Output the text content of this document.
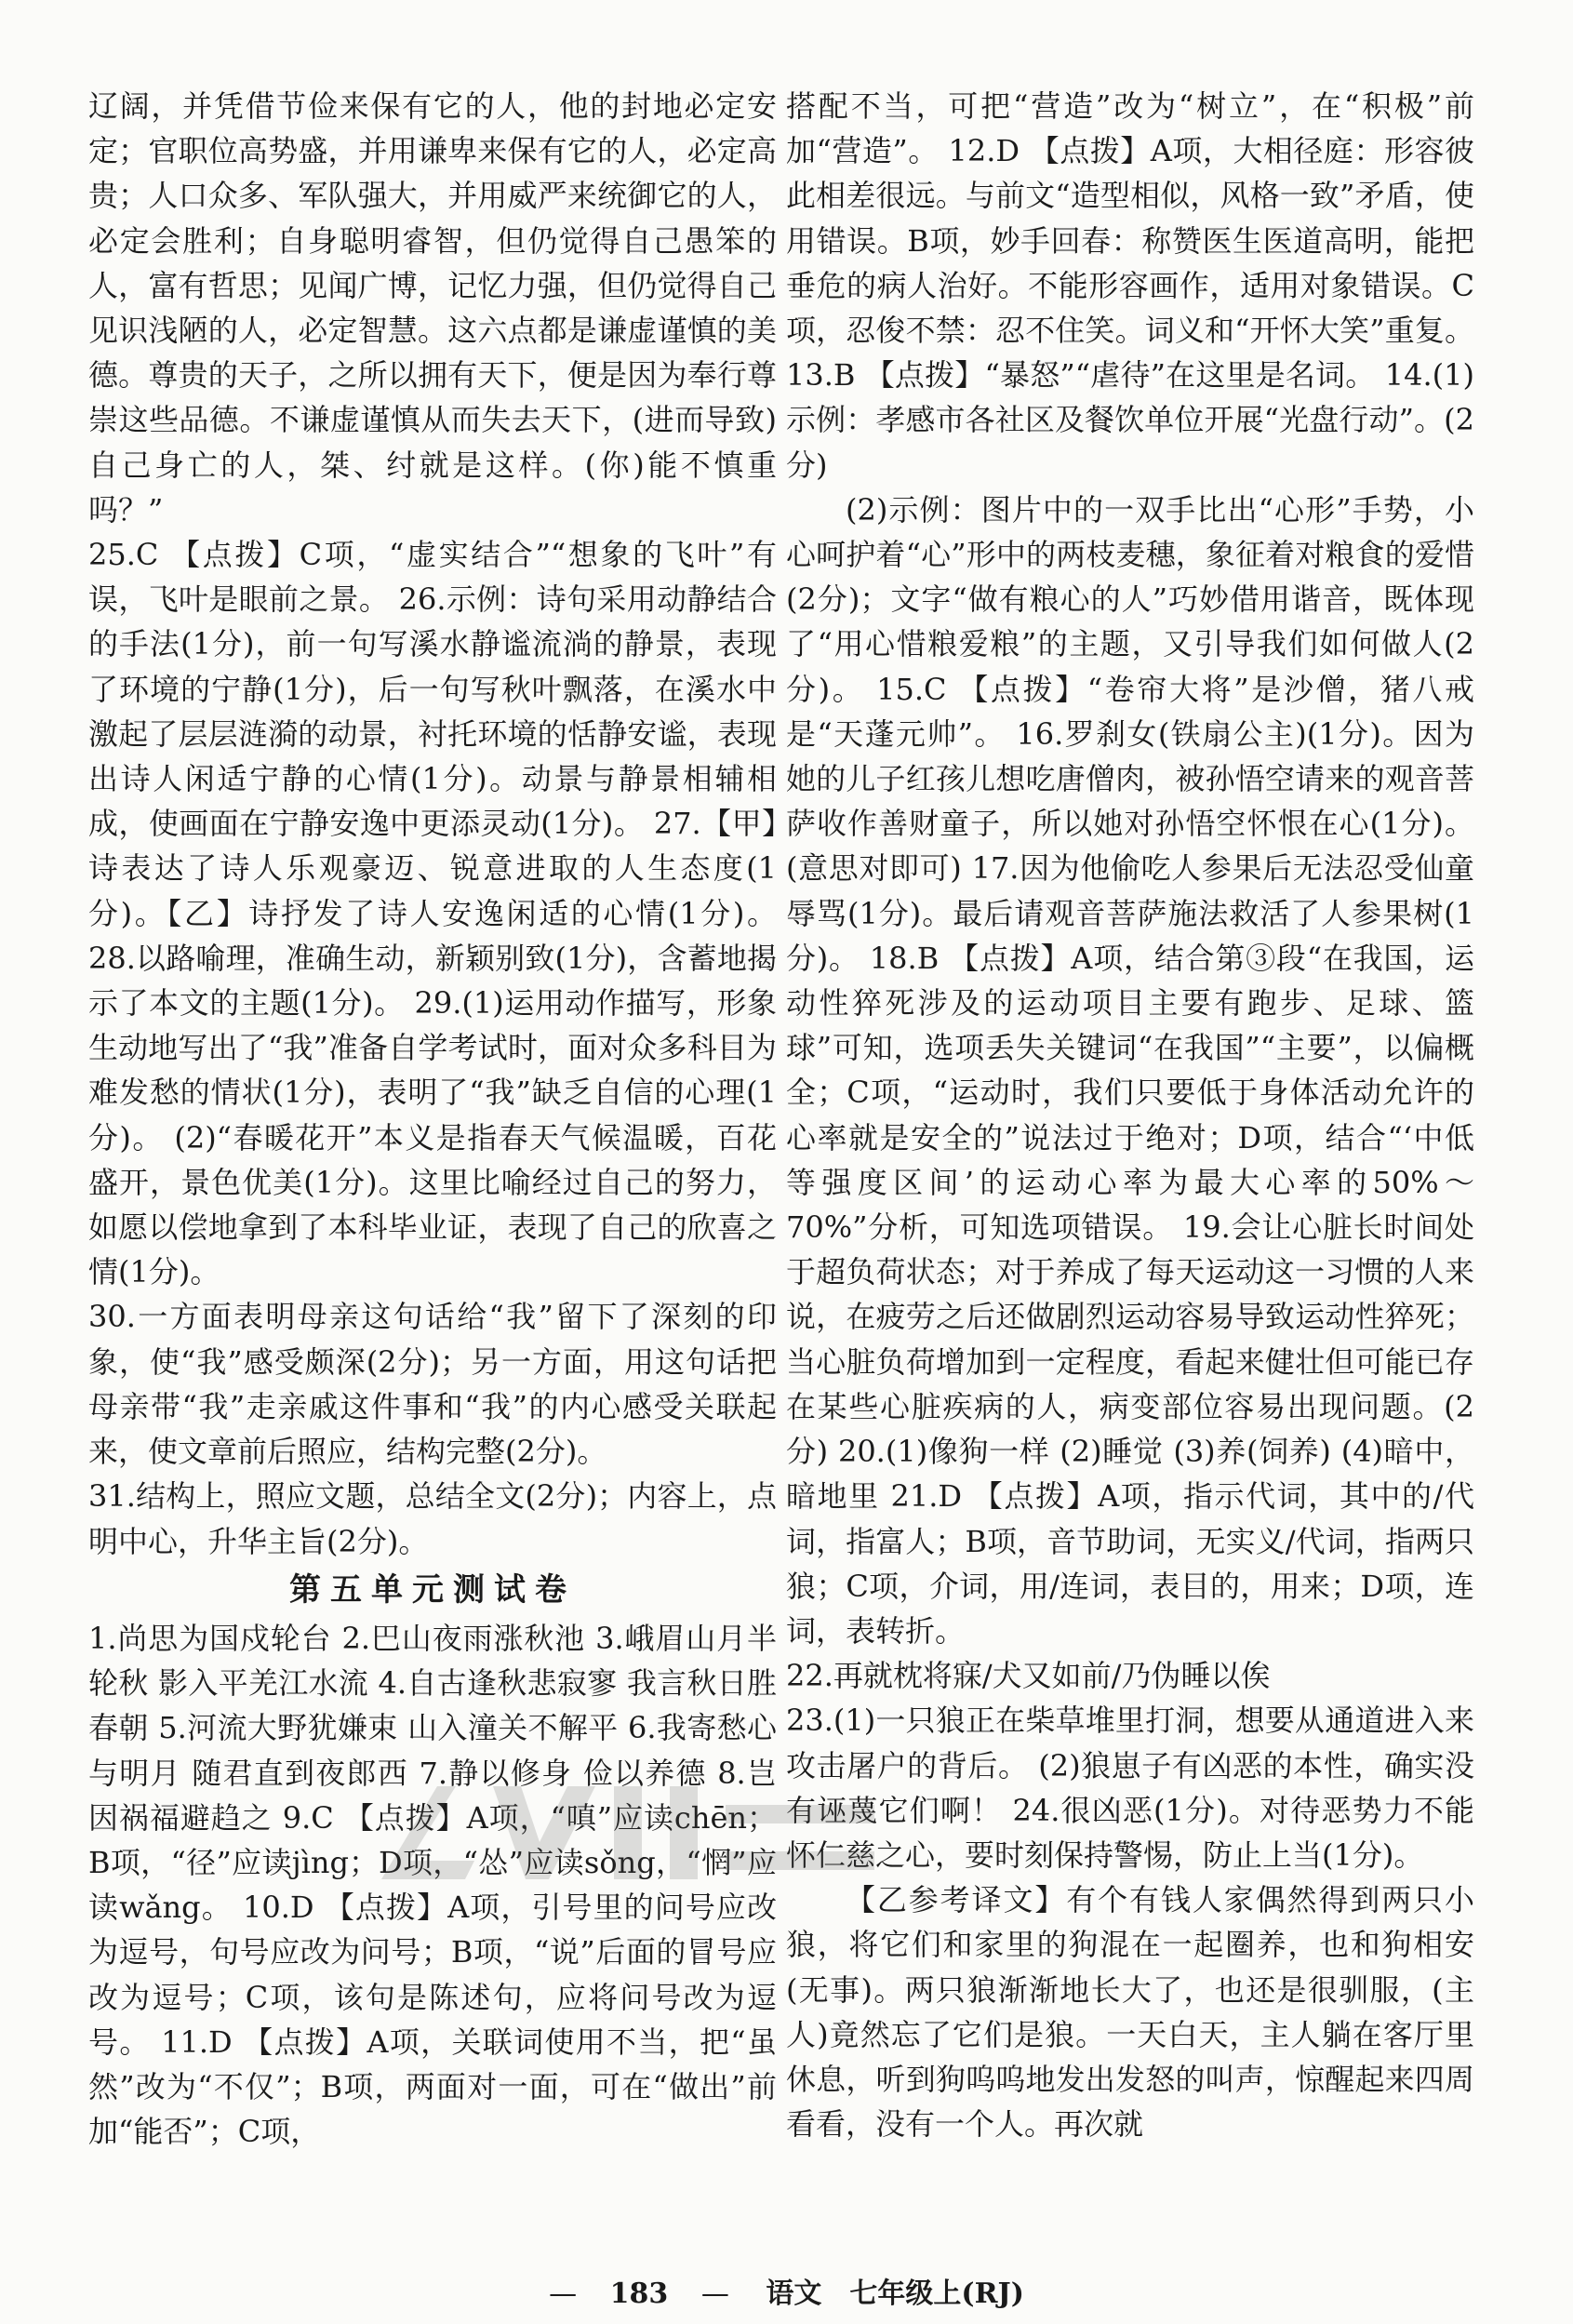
辽阔，并凭借节俭来保有它的人，他的封地必定安定；官职位高势盛，并用谦卑来保有它的人，必定高贵；人口众多、军队强大，并用威严来统御它的人，必定会胜利；自身聪明睿智，但仍觉得自己愚笨的人，富有哲思；见闻广博，记忆力强，但仍觉得自己见识浅陋的人，必定智慧。这六点都是谦虚谨慎的美德。尊贵的天子，之所以拥有天下，便是因为奉行尊崇这些品德。不谦虚谨慎从而失去天下，(进而导致)自己身亡的人，桀、纣就是这样。(你)能不慎重吗？”

25.C 【点拨】C项，“虚实结合”“想象的飞叶”有误，飞叶是眼前之景。 26.示例：诗句采用动静结合的手法(1分)，前一句写溪水静谧流淌的静景，表现了环境的宁静(1分)，后一句写秋叶飘落，在溪水中激起了层层涟漪的动景，衬托环境的恬静安谧，表现出诗人闲适宁静的心情(1分)。动景与静景相辅相成，使画面在宁静安逸中更添灵动(1分)。 27.【甲】诗表达了诗人乐观豪迈、锐意进取的人生态度(1分)。【乙】诗抒发了诗人安逸闲适的心情(1分)。 28.以路喻理，准确生动，新颖别致(1分)，含蓄地揭示了本文的主题(1分)。 29.(1)运用动作描写，形象生动地写出了“我”准备自学考试时，面对众多科目为难发愁的情状(1分)，表明了“我”缺乏自信的心理(1分)。 (2)“春暖花开”本义是指春天气候温暖，百花盛开，景色优美(1分)。这里比喻经过自己的努力，如愿以偿地拿到了本科毕业证，表现了自己的欣喜之情(1分)。

30.一方面表明母亲这句话给“我”留下了深刻的印象，使“我”感受颇深(2分)；另一方面，用这句话把母亲带“我”走亲戚这件事和“我”的内心感受关联起来，使文章前后照应，结构完整(2分)。

31.结构上，照应文题，总结全文(2分)；内容上，点明中心，升华主旨(2分)。

第五单元测试卷

1.尚思为国戍轮台 2.巴山夜雨涨秋池 3.峨眉山月半轮秋 影入平羌江水流 4.自古逢秋悲寂寥 我言秋日胜春朝 5.河流大野犹嫌束 山入潼关不解平 6.我寄愁心与明月 随君直到夜郎西 7.静以修身 俭以养德 8.岂因祸福避趋之 9.C 【点拨】A项，“嗔”应读chēn；B项，“径”应读jìng；D项，“怂”应读sǒng，“惘”应读wǎng。 10.D 【点拨】A项，引号里的问号应改为逗号，句号应改为问号；B项，“说”后面的冒号应改为逗号；C项，该句是陈述句，应将问号改为逗号。 11.D 【点拨】A项，关联词使用不当，把“虽然”改为“不仅”；B项，两面对一面，可在“做出”前加“能否”；C项，

搭配不当，可把“营造”改为“树立”，在“积极”前加“营造”。 12.D 【点拨】A项，大相径庭：形容彼此相差很远。与前文“造型相似，风格一致”矛盾，使用错误。B项，妙手回春：称赞医生医道高明，能把垂危的病人治好。不能形容画作，适用对象错误。C项，忍俊不禁：忍不住笑。词义和“开怀大笑”重复。 13.B 【点拨】“暴怒”“虐待”在这里是名词。 14.(1)示例：孝感市各社区及餐饮单位开展“光盘行动”。(2分)

(2)示例：图片中的一双手比出“心形”手势，小心呵护着“心”形中的两枝麦穗，象征着对粮食的爱惜(2分)；文字“做有粮心的人”巧妙借用谐音，既体现了“用心惜粮爱粮”的主题，又引导我们如何做人(2分)。 15.C 【点拨】“卷帘大将”是沙僧，猪八戒是“天蓬元帅”。 16.罗刹女(铁扇公主)(1分)。因为她的儿子红孩儿想吃唐僧肉，被孙悟空请来的观音菩萨收作善财童子，所以她对孙悟空怀恨在心(1分)。(意思对即可) 17.因为他偷吃人参果后无法忍受仙童辱骂(1分)。最后请观音菩萨施法救活了人参果树(1分)。 18.B 【点拨】A项，结合第③段“在我国，运动性猝死涉及的运动项目主要有跑步、足球、篮球”可知，选项丢失关键词“在我国”“主要”，以偏概全；C项，“运动时，我们只要低于身体活动允许的心率就是安全的”说法过于绝对；D项，结合“‘中低等强度区间’的运动心率为最大心率的50%～70%”分析，可知选项错误。 19.会让心脏长时间处于超负荷状态；对于养成了每天运动这一习惯的人来说，在疲劳之后还做剧烈运动容易导致运动性猝死；当心脏负荷增加到一定程度，看起来健壮但可能已存在某些心脏疾病的人，病变部位容易出现问题。(2分) 20.(1)像狗一样 (2)睡觉 (3)养(饲养) (4)暗中，暗地里 21.D 【点拨】A项，指示代词，其中的/代词，指富人；B项，音节助词，无实义/代词，指两只狼；C项，介词，用/连词，表目的，用来；D项，连词，表转折。

22.再就枕将寐/犬又如前/乃伪睡以俟

23.(1)一只狼正在柴草堆里打洞，想要从通道进入来攻击屠户的背后。 (2)狼崽子有凶恶的本性，确实没有诬蔑它们啊！ 24.很凶恶(1分)。对待恶势力不能怀仁慈之心，要时刻保持警惕，防止上当(1分)。

【乙参考译文】有个有钱人家偶然得到两只小狼，将它们和家里的狗混在一起圈养，也和狗相安(无事)。两只狼渐渐地长大了，也还是很驯服，(主人)竟然忘了它们是狼。一天白天，主人躺在客厅里休息，听到狗呜呜地发出发怒的叫声，惊醒起来四周看看，没有一个人。再次就

— 183 — 语文　七年级上(RJ)
